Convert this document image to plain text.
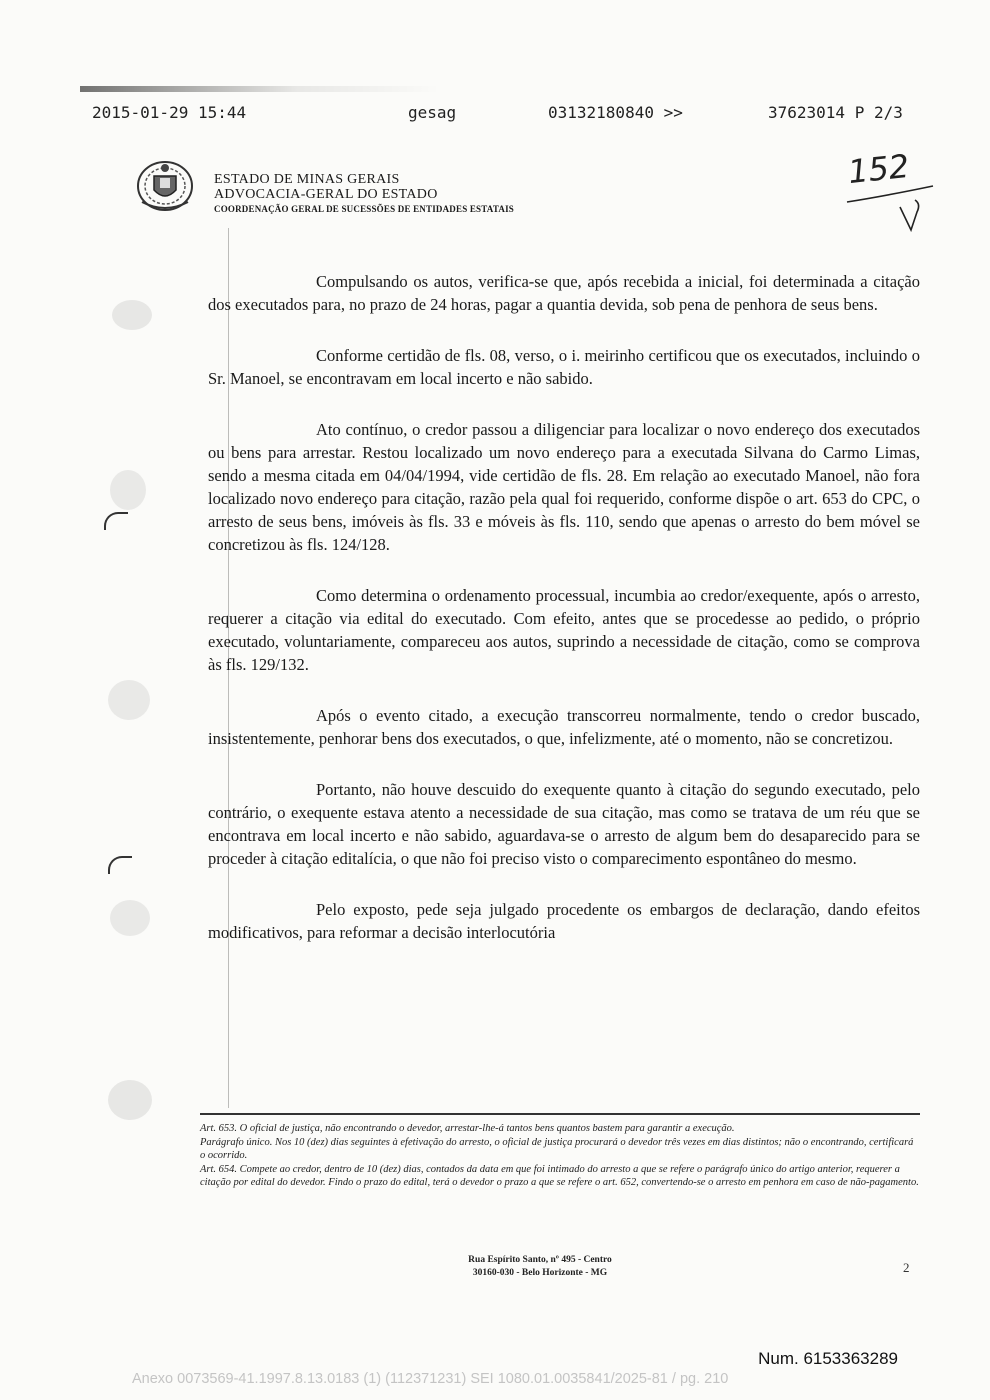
2015-01-29 15:44	gesag	03132180840 >>	37623014 P 2/3
ESTADO DE MINAS GERAIS
ADVOCACIA-GERAL DO ESTADO
COORDENAÇÃO GERAL DE SUCESSÕES DE ENTIDADES ESTATAIS
152

Compulsando os autos, verifica-se que, após recebida a inicial, foi determinada a citação dos executados para, no prazo de 24 horas, pagar a quantia devida, sob pena de penhora de seus bens.

Conforme certidão de fls. 08, verso, o i. meirinho certificou que os executados, incluindo o Sr. Manoel, se encontravam em local incerto e não sabido.

Ato contínuo, o credor passou a diligenciar para localizar o novo endereço dos executados ou bens para arrestar. Restou localizado um novo endereço para a executada Silvana do Carmo Limas, sendo a mesma citada em 04/04/1994, vide certidão de fls. 28. Em relação ao executado Manoel, não fora localizado novo endereço para citação, razão pela qual foi requerido, conforme dispõe o art. 653 do CPC, o arresto de seus bens, imóveis às fls. 33 e móveis às fls. 110, sendo que apenas o arresto do bem móvel se concretizou às fls. 124/128.

Como determina o ordenamento processual, incumbia ao credor/exequente, após o arresto, requerer a citação via edital do executado. Com efeito, antes que se procedesse ao pedido, o próprio executado, voluntariamente, compareceu aos autos, suprindo a necessidade de citação, como se comprova às fls. 129/132.

Após o evento citado, a execução transcorreu normalmente, tendo o credor buscado, insistentemente, penhorar bens dos executados, o que, infelizmente, até o momento, não se concretizou.

Portanto, não houve descuido do exequente quanto à citação do segundo executado, pelo contrário, o exequente estava atento a necessidade de sua citação, mas como se tratava de um réu que se encontrava em local incerto e não sabido, aguardava-se o arresto de algum bem do desaparecido para se proceder à citação editalícia, o que não foi preciso visto o comparecimento espontâneo do mesmo.

Pelo exposto, pede seja julgado procedente os embargos de declaração, dando efeitos modificativos, para reformar a decisão interlocutória

Art. 653. O oficial de justiça, não encontrando o devedor, arrestar-lhe-á tantos bens quantos bastem para garantir a execução.

Parágrafo único. Nos 10 (dez) dias seguintes à efetivação do arresto, o oficial de justiça procurará o devedor três vezes em dias distintos; não o encontrando, certificará o ocorrido.

Art. 654. Compete ao credor, dentro de 10 (dez) dias, contados da data em que foi intimado do arresto a que se refere o parágrafo único do artigo anterior, requerer a citação por edital do devedor. Findo o prazo do edital, terá o devedor o prazo a que se refere o art. 652, convertendo-se o arresto em penhora em caso de não-pagamento.

Rua Espírito Santo, nº 495 - Centro
30160-030 - Belo Horizonte - MG	2
Num. 6153363289
Anexo 0073569-41.1997.8.13.0183 (1) (112371231) SEI 1080.01.0035841/2025-81 / pg. 210
